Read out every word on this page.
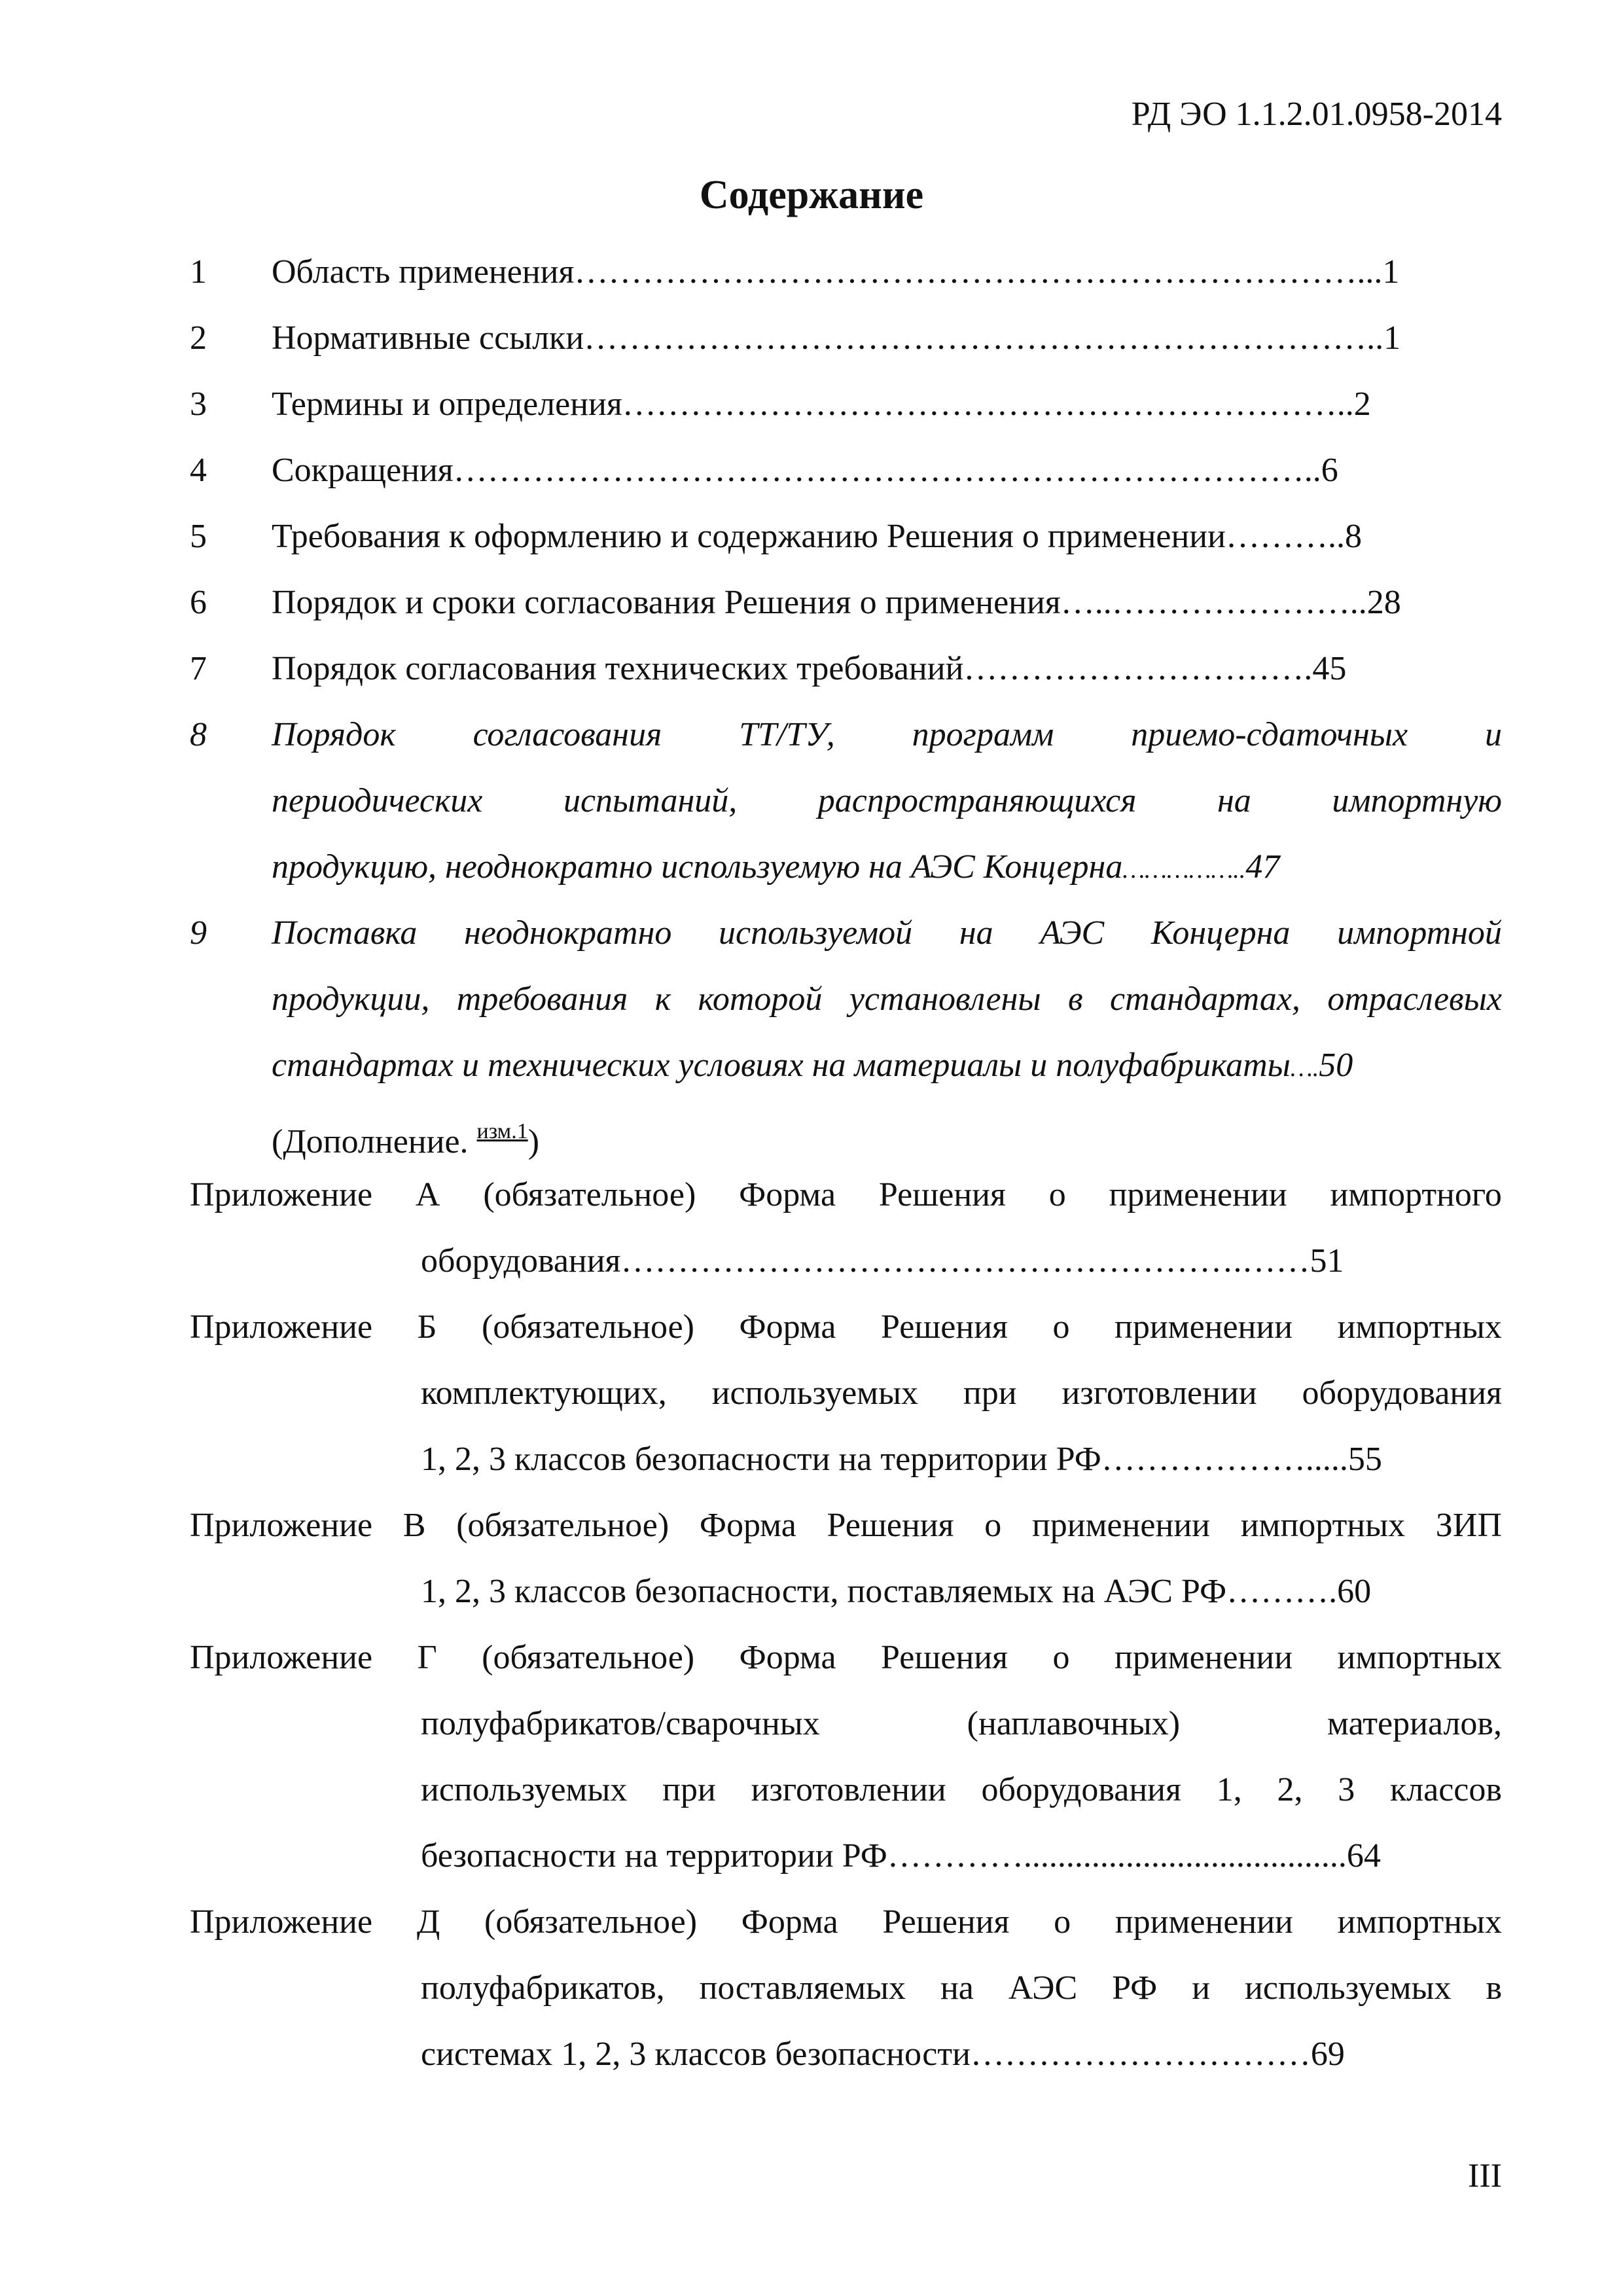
РД ЭО 1.1.2.01.0958-2014
Содержание
1 Область применения……………………………………………………………...1
2 Нормативные ссылки……………………………………………………………..1
3 Термины и определения………………………………………………………..2
4 Сокращения…………………………………………………………………..6
5 Требования к оформлению и содержанию Решения о применении………..8
6 Порядок и сроки согласования Решения о применения…..…………………..28
7 Порядок согласования технических требований………………………….45
8 Порядок согласования ТТ/ТУ, программ приемо-сдаточных и
периодических испытаний, распространяющихся на импортную
продукцию, неоднократно используемую на АЭС Концерна……………..47
9 Поставка неоднократно используемой на АЭС Концерна импортной
продукции, требования к которой установлены в стандартах, отраслевых
стандартах и технических условиях на материалы и полуфабрикаты….50
(Дополнение. $^{изм.1}$)
Приложение А (обязательное) Форма Решения о применении импортного
оборудования……………………………………………….……51
Приложение Б (обязательное) Форма Решения о применении импортных
комплектующих, используемых при изготовлении оборудования
1, 2, 3 классов безопасности на территории РФ……………….....55
Приложение В (обязательное) Форма Решения о применении импортных ЗИП
1, 2, 3 классов безопасности, поставляемых на АЭС РФ……….60
Приложение Г (обязательное) Форма Решения о применении импортных
полуфабрикатов/сварочных	(наплавочных)	материалов,
используемых при изготовлении оборудования 1, 2, 3 классов
безопасности на территории РФ…………......................................64
Приложение Д (обязательное) Форма Решения о применении импортных
полуфабрикатов, поставляемых на АЭС РФ и используемых в
системах 1, 2, 3 классов безопасности…………………………69
III
